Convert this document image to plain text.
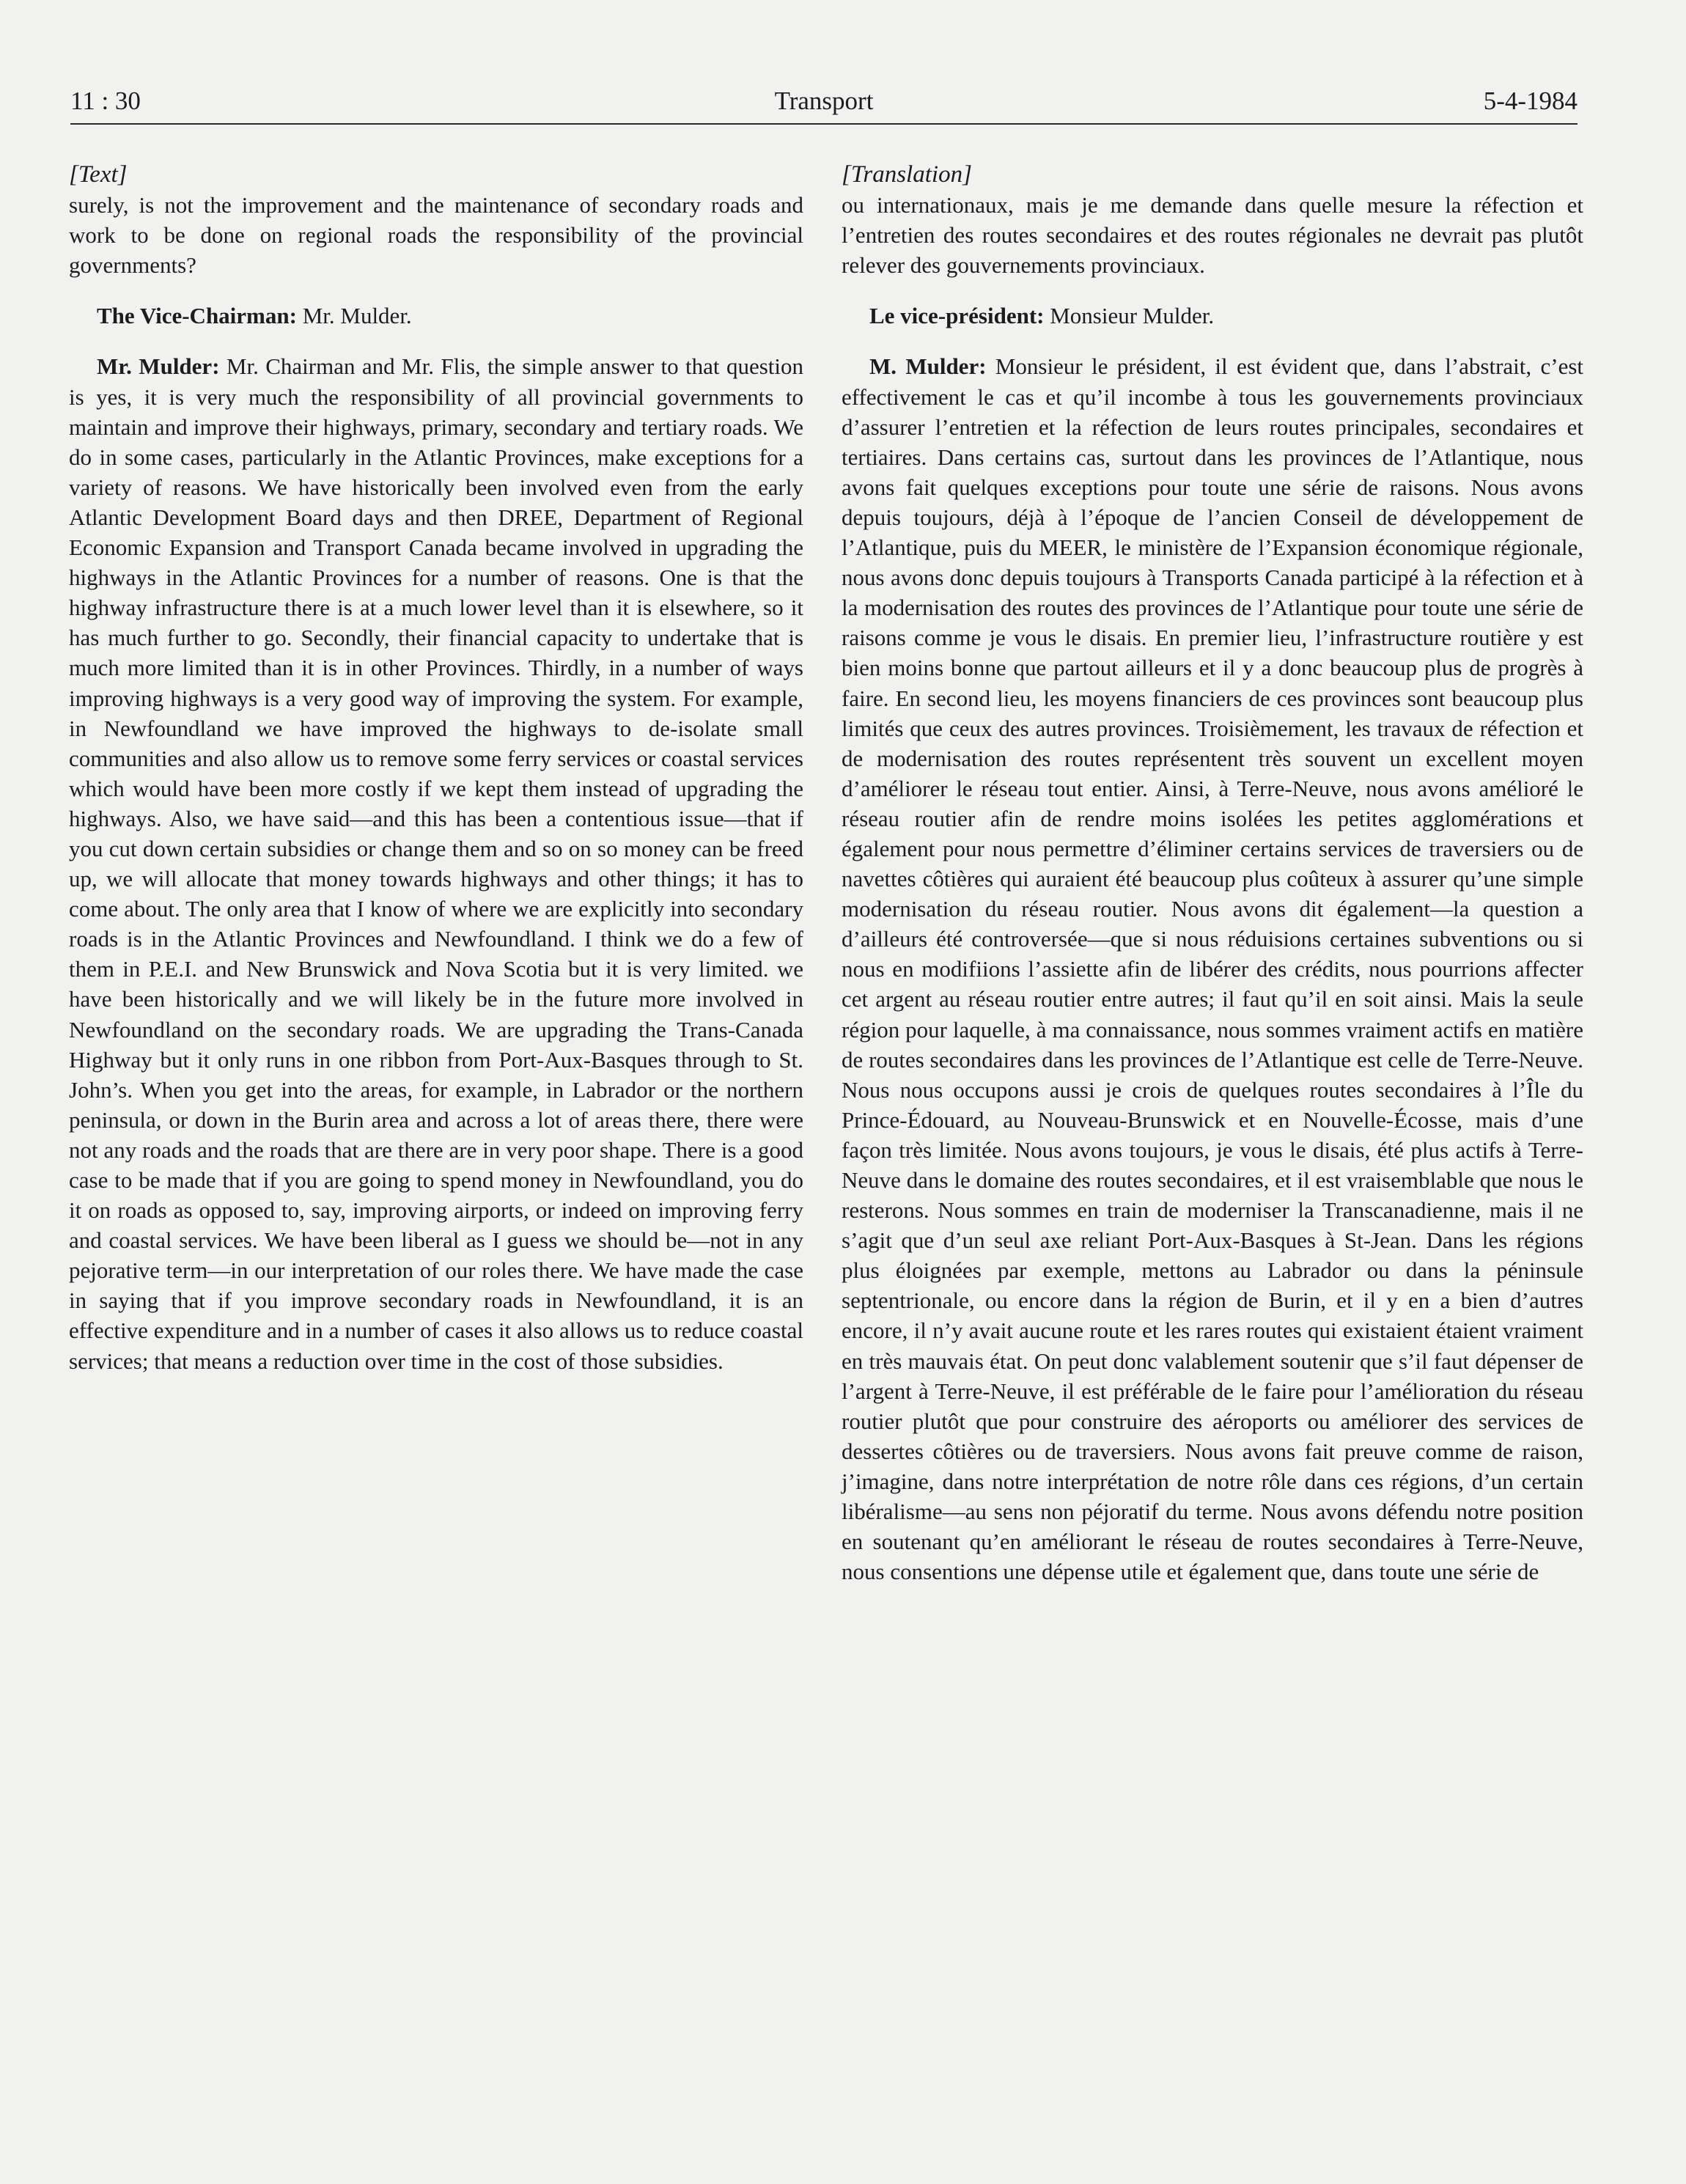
11 : 30	Transport	5-4-1984

[Text]

surely, is not the improvement and the maintenance of secondary roads and work to be done on regional roads the responsibility of the provincial governments?

The Vice-Chairman: Mr. Mulder.

Mr. Mulder: Mr. Chairman and Mr. Flis, the simple answer to that question is yes, it is very much the responsibility of all provincial governments to maintain and improve their highways, primary, secondary and tertiary roads. We do in some cases, particularly in the Atlantic Provinces, make exceptions for a variety of reasons. We have historically been involved even from the early Atlantic Development Board days and then DREE, Department of Regional Economic Expansion and Transport Canada became involved in upgrading the highways in the Atlantic Provinces for a number of reasons. One is that the highway infrastructure there is at a much lower level than it is elsewhere, so it has much further to go. Secondly, their financial capacity to undertake that is much more limited than it is in other Provinces. Thirdly, in a number of ways improving highways is a very good way of improving the system. For example, in Newfoundland we have improved the highways to de-isolate small communities and also allow us to remove some ferry services or coastal services which would have been more costly if we kept them instead of upgrading the highways. Also, we have said—and this has been a contentious issue—that if you cut down certain subsidies or change them and so on so money can be freed up, we will allocate that money towards highways and other things; it has to come about. The only area that I know of where we are explicitly into secondary roads is in the Atlantic Provinces and Newfoundland. I think we do a few of them in P.E.I. and New Brunswick and Nova Scotia but it is very limited. we have been historically and we will likely be in the future more involved in Newfoundland on the secondary roads. We are upgrading the Trans-Canada Highway but it only runs in one ribbon from Port-Aux-Basques through to St. John’s. When you get into the areas, for example, in Labrador or the northern peninsula, or down in the Burin area and across a lot of areas there, there were not any roads and the roads that are there are in very poor shape. There is a good case to be made that if you are going to spend money in Newfoundland, you do it on roads as opposed to, say, improving airports, or indeed on improving ferry and coastal services. We have been liberal as I guess we should be—not in any pejorative term—in our interpretation of our roles there. We have made the case in saying that if you improve secondary roads in Newfoundland, it is an effective expenditure and in a number of cases it also allows us to reduce coastal services; that means a reduction over time in the cost of those subsidies.

[Translation]

ou internationaux, mais je me demande dans quelle mesure la réfection et l’entretien des routes secondaires et des routes régionales ne devrait pas plutôt relever des gouvernements provinciaux.

Le vice-président: Monsieur Mulder.

M. Mulder: Monsieur le président, il est évident que, dans l’abstrait, c’est effectivement le cas et qu’il incombe à tous les gouvernements provinciaux d’assurer l’entretien et la réfection de leurs routes principales, secondaires et tertiaires. Dans certains cas, surtout dans les provinces de l’Atlantique, nous avons fait quelques exceptions pour toute une série de raisons. Nous avons depuis toujours, déjà à l’époque de l’ancien Conseil de développement de l’Atlantique, puis du MEER, le ministère de l’Expansion économique régionale, nous avons donc depuis toujours à Transports Canada participé à la réfection et à la modernisation des routes des provinces de l’Atlantique pour toute une série de raisons comme je vous le disais. En premier lieu, l’infrastructure routière y est bien moins bonne que partout ailleurs et il y a donc beaucoup plus de progrès à faire. En second lieu, les moyens financiers de ces provinces sont beaucoup plus limités que ceux des autres provinces. Troisièmement, les travaux de réfection et de modernisation des routes représentent très souvent un excellent moyen d’améliorer le réseau tout entier. Ainsi, à Terre-Neuve, nous avons amélioré le réseau routier afin de rendre moins isolées les petites agglomérations et également pour nous permettre d’éliminer certains services de traversiers ou de navettes côtières qui auraient été beaucoup plus coûteux à assurer qu’une simple modernisation du réseau routier. Nous avons dit également—la question a d’ailleurs été controversée—que si nous réduisions certaines subventions ou si nous en modifiions l’assiette afin de libérer des crédits, nous pourrions affecter cet argent au réseau routier entre autres; il faut qu’il en soit ainsi. Mais la seule région pour laquelle, à ma connaissance, nous sommes vraiment actifs en matière de routes secondaires dans les provinces de l’Atlantique est celle de Terre-Neuve. Nous nous occupons aussi je crois de quelques routes secondaires à l’Île du Prince-Édouard, au Nouveau-Brunswick et en Nouvelle-Écosse, mais d’une façon très limitée. Nous avons toujours, je vous le disais, été plus actifs à Terre-Neuve dans le domaine des routes secondaires, et il est vraisemblable que nous le resterons. Nous sommes en train de moderniser la Transcanadienne, mais il ne s’agit que d’un seul axe reliant Port-Aux-Basques à St-Jean. Dans les régions plus éloignées par exemple, mettons au Labrador ou dans la péninsule septentrionale, ou encore dans la région de Burin, et il y en a bien d’autres encore, il n’y avait aucune route et les rares routes qui existaient étaient vraiment en très mauvais état. On peut donc valablement soutenir que s’il faut dépenser de l’argent à Terre-Neuve, il est préférable de le faire pour l’amélioration du réseau routier plutôt que pour construire des aéroports ou améliorer des services de dessertes côtières ou de traversiers. Nous avons fait preuve comme de raison, j’imagine, dans notre interprétation de notre rôle dans ces régions, d’un certain libéralisme—au sens non péjoratif du terme. Nous avons défendu notre position en soutenant qu’en améliorant le réseau de routes secondaires à Terre-Neuve, nous consentions une dépense utile et également que, dans toute une série de
